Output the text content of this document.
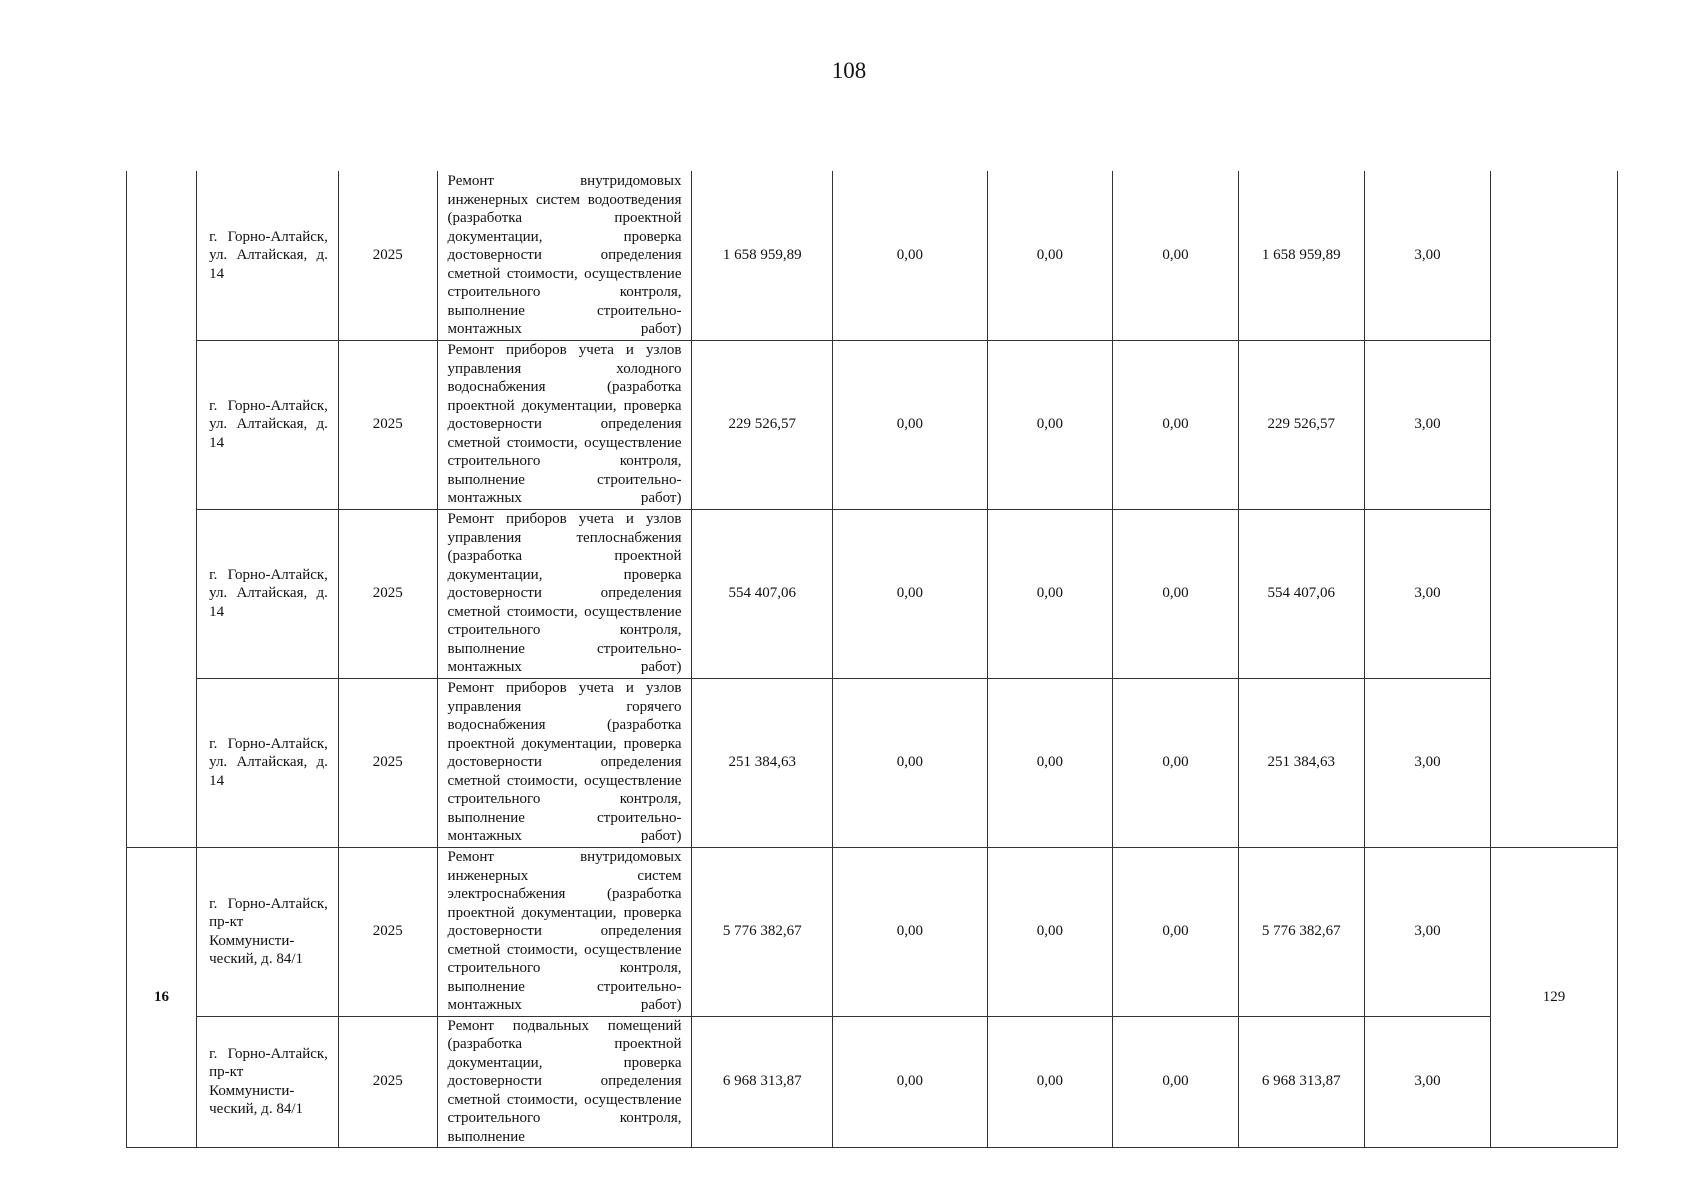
108
	г. Горно-Алтайск, ул. Алтайская, д. 14	2025	Ремонт внутридомовых инженерных систем водоотведения (разработка проектной документации, проверка достоверности определения сметной стоимости, осуществление строительного контроля, выполнение строительно-монтажных работ)	1 658 959,89	0,00	0,00	0,00	1 658 959,89	3,00	
	г. Горно-Алтайск, ул. Алтайская, д. 14	2025	Ремонт приборов учета и узлов управления холодного водоснабжения (разработка проектной документации, проверка достоверности определения сметной стоимости, осуществление строительного контроля, выполнение строительно-монтажных работ)	229 526,57	0,00	0,00	0,00	229 526,57	3,00	
	г. Горно-Алтайск, ул. Алтайская, д. 14	2025	Ремонт приборов учета и узлов управления теплоснабжения (разработка проектной документации, проверка достоверности определения сметной стоимости, осуществление строительного контроля, выполнение строительно-монтажных работ)	554 407,06	0,00	0,00	0,00	554 407,06	3,00	
	г. Горно-Алтайск, ул. Алтайская, д. 14	2025	Ремонт приборов учета и узлов управления горячего водоснабжения (разработка проектной документации, проверка достоверности определения сметной стоимости, осуществление строительного контроля, выполнение строительно-монтажных работ)	251 384,63	0,00	0,00	0,00	251 384,63	3,00	
16	г. Горно-Алтайск, пр-кт Коммунисти-ческий, д. 84/1	2025	Ремонт внутридомовых инженерных систем электроснабжения (разработка проектной документации, проверка достоверности определения сметной стоимости, осуществление строительного контроля, выполнение строительно-монтажных работ)	5 776 382,67	0,00	0,00	0,00	5 776 382,67	3,00	129
	г. Горно-Алтайск, пр-кт Коммунисти-ческий, д. 84/1	2025	Ремонт подвальных помещений (разработка проектной документации, проверка достоверности определения сметной стоимости, осуществление строительного контроля, выполнение	6 968 313,87	0,00	0,00	0,00	6 968 313,87	3,00	
